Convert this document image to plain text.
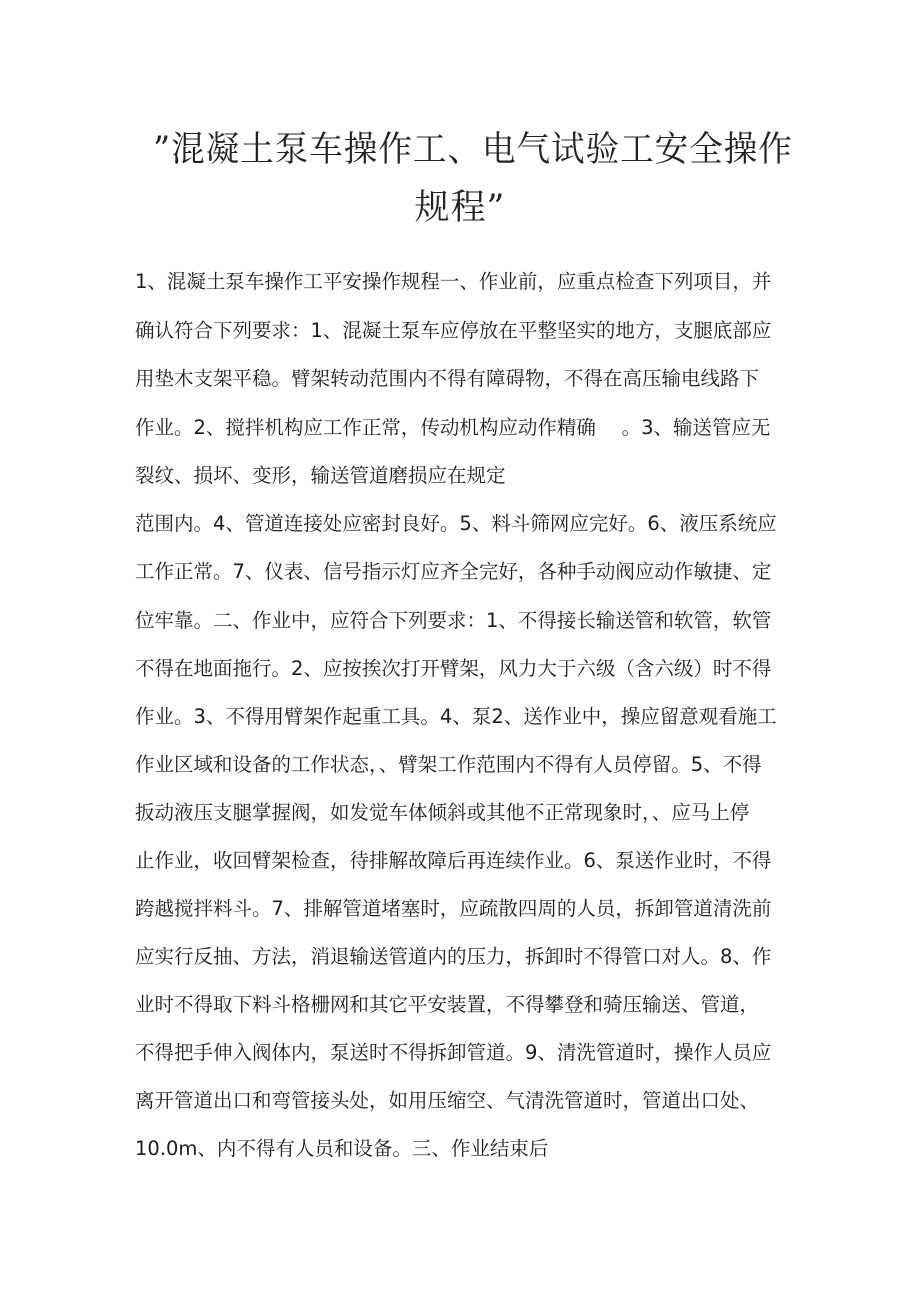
”混凝土泵车操作工、电气试验工安全操作
规程”
1、混凝土泵车操作工平安操作规程一、作业前，应重点检查下列项目，并
确认符合下列要求：1、混凝土泵车应停放在平整坚实的地方，支腿底部应
用垫木支架平稳。臂架转动范围内不得有障碍物，不得在高压输电线路下
作业。2、搅拌机构应工作正常，传动机构应动作精确　 。3、输送管应无
裂纹、损坏、变形，输送管道磨损应在规定
范围内。4、管道连接处应密封良好。5、料斗筛网应完好。6、液压系统应
工作正常。7、仪表、信号指示灯应齐全完好，各种手动阀应动作敏捷、定
位牢靠。二、作业中，应符合下列要求：1、不得接长输送管和软管，软管
不得在地面拖行。2、应按挨次打开臂架，风力大于六级（含六级）时不得
作业。3、不得用臂架作起重工具。4、泵2、送作业中，操应留意观看施工
作业区域和设备的工作状态，、臂架工作范围内不得有人员停留。5、不得
扳动液压支腿掌握阀，如发觉车体倾斜或其他不正常现象时，、应马上停
止作业，收回臂架检查，待排解故障后再连续作业。6、泵送作业时，不得
跨越搅拌料斗。7、排解管道堵塞时，应疏散四周的人员，拆卸管道清洗前
应实行反抽、方法，消退输送管道内的压力，拆卸时不得管口对人。8、作
业时不得取下料斗格栅网和其它平安装置，不得攀登和骑压输送、管道，
不得把手伸入阀体内，泵送时不得拆卸管道。9、清洗管道时，操作人员应
离开管道出口和弯管接头处，如用压缩空、气清洗管道时，管道出口处、
10.0m、内不得有人员和设备。三、作业结束后
